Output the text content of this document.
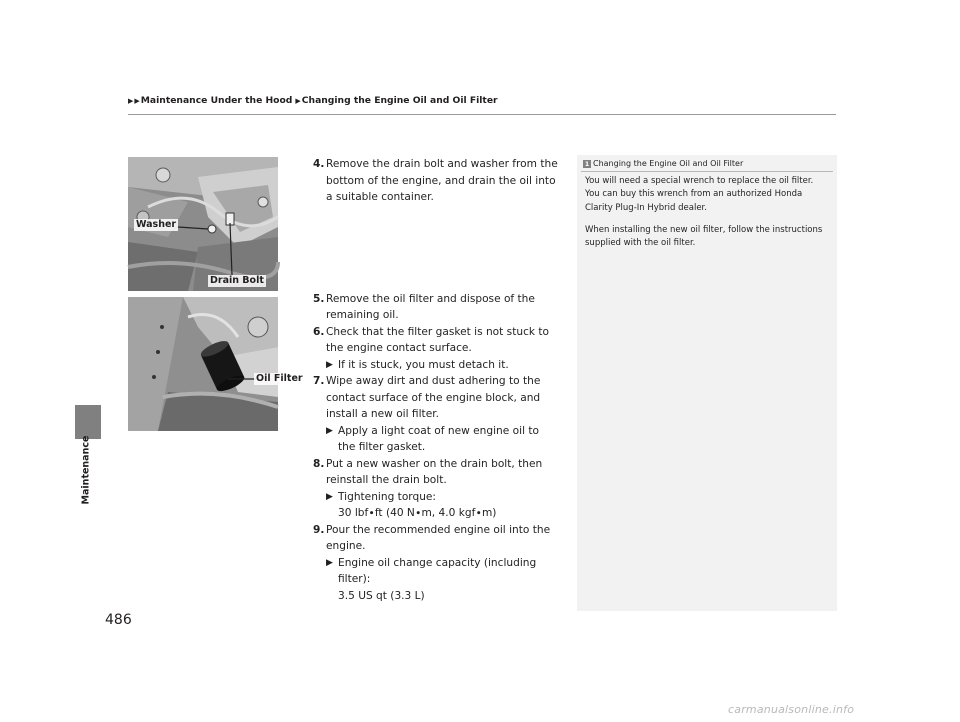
▶ ▶ Maintenance Under the Hood ▶ Changing the Engine Oil and Oil Filter
Maintenance
Washer
Drain Bolt
Oil Filter

4. Remove the drain bolt and washer from the bottom of the engine, and drain the oil into a suitable container.

5. Remove the oil filter and dispose of the remaining oil.

6. Check that the filter gasket is not stuck to the engine contact surface.

▶ If it is stuck, you must detach it.

7. Wipe away dirt and dust adhering to the contact surface of the engine block, and install a new oil filter.

▶ Apply a light coat of new engine oil to the filter gasket.

8. Put a new washer on the drain bolt, then reinstall the drain bolt.

▶ Tightening torque:
30 lbf∙ft (40 N∙m, 4.0 kgf∙m)

9. Pour the recommended engine oil into the engine.

▶ Engine oil change capacity (including filter):
3.5 US qt (3.3 L)
1 Changing the Engine Oil and Oil Filter

You will need a special wrench to replace the oil filter. You can buy this wrench from an authorized Honda Clarity Plug-In Hybrid dealer.

When installing the new oil filter, follow the instructions supplied with the oil filter.

486
carmanualsonline.info
